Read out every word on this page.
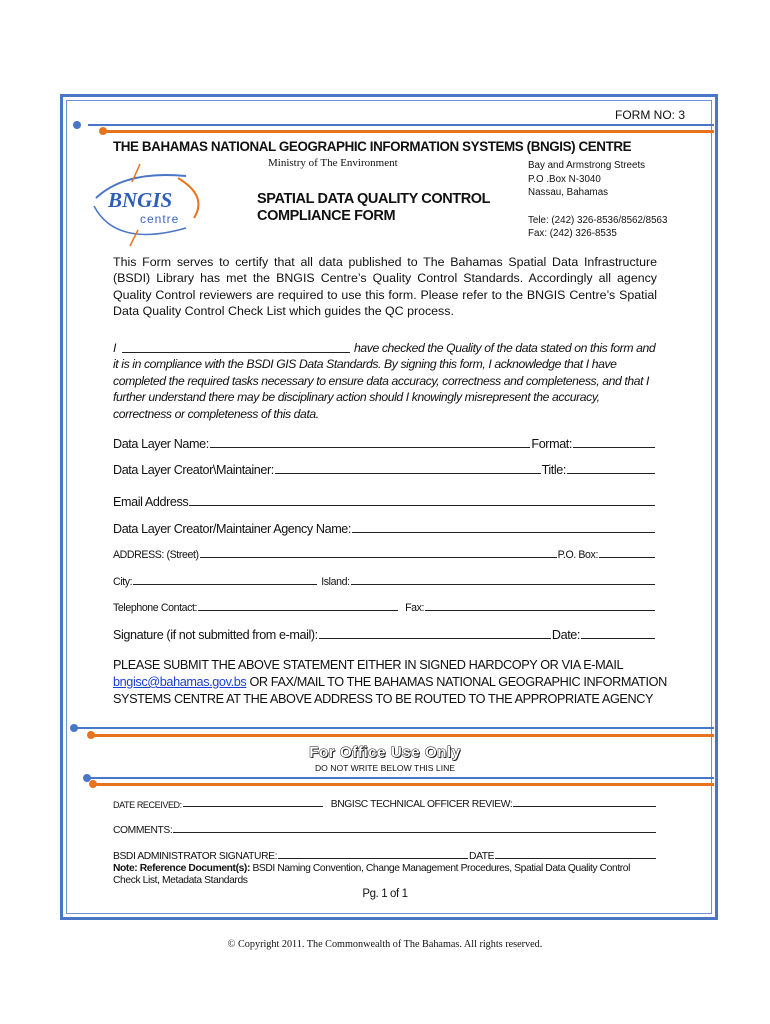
FORM NO: 3
THE BAHAMAS NATIONAL GEOGRAPHIC INFORMATION SYSTEMS (BNGIS) CENTRE
Ministry of The Environment
BNGIS
centre
SPATIAL DATA QUALITY CONTROL
COMPLIANCE FORM
Bay and Armstrong Streets
P.O .Box N-3040
Nassau, Bahamas
Tele: (242) 326-8536/8562/8563
Fax: (242) 326-8535
This Form serves to certify that all data published to The Bahamas Spatial Data Infrastructure (BSDI) Library has met the BNGIS Centre’s Quality Control Standards. Accordingly all agency Quality Control reviewers are required to use this form. Please refer to the BNGIS Centre’s Spatial Data Quality Control Check List which guides the QC process.
I	have checked the Quality of the data stated on this form and
it is in compliance with the BSDI GIS Data Standards. By signing this form, I acknowledge that I have completed the required tasks necessary to ensure data accuracy, correctness and completeness, and that I further understand there may be disciplinary action should I knowingly misrepresent the accuracy, correctness or completeness of this data.
Data Layer Name:	Format:
Data Layer Creator\Maintainer:	Title:
Email Address
Data Layer Creator/Maintainer Agency Name:
ADDRESS: (Street)	P.O. Box:
City:	Island:
Telephone Contact:	Fax:
Signature (if not submitted from e-mail):	Date:
PLEASE SUBMIT THE ABOVE STATEMENT EITHER IN SIGNED HARDCOPY OR VIA E-MAIL
bngisc@bahamas.gov.bs OR FAX/MAIL TO THE BAHAMAS NATIONAL GEOGRAPHIC INFORMATION
SYSTEMS CENTRE AT THE ABOVE ADDRESS TO BE ROUTED TO THE APPROPRIATE AGENCY
For Office Use Only
DO NOT WRITE BELOW THIS LINE
DATE RECEIVED:	BNGISC TECHNICAL OFFICER REVIEW:
COMMENTS:
BSDI ADMINISTRATOR SIGNATURE:	DATE
Note: Reference Document(s): BSDI Naming Convention, Change Management Procedures, Spatial Data Quality Control Check List, Metadata Standards
Pg. 1 of 1
© Copyright 2011. The Commonwealth of The Bahamas. All rights reserved.
